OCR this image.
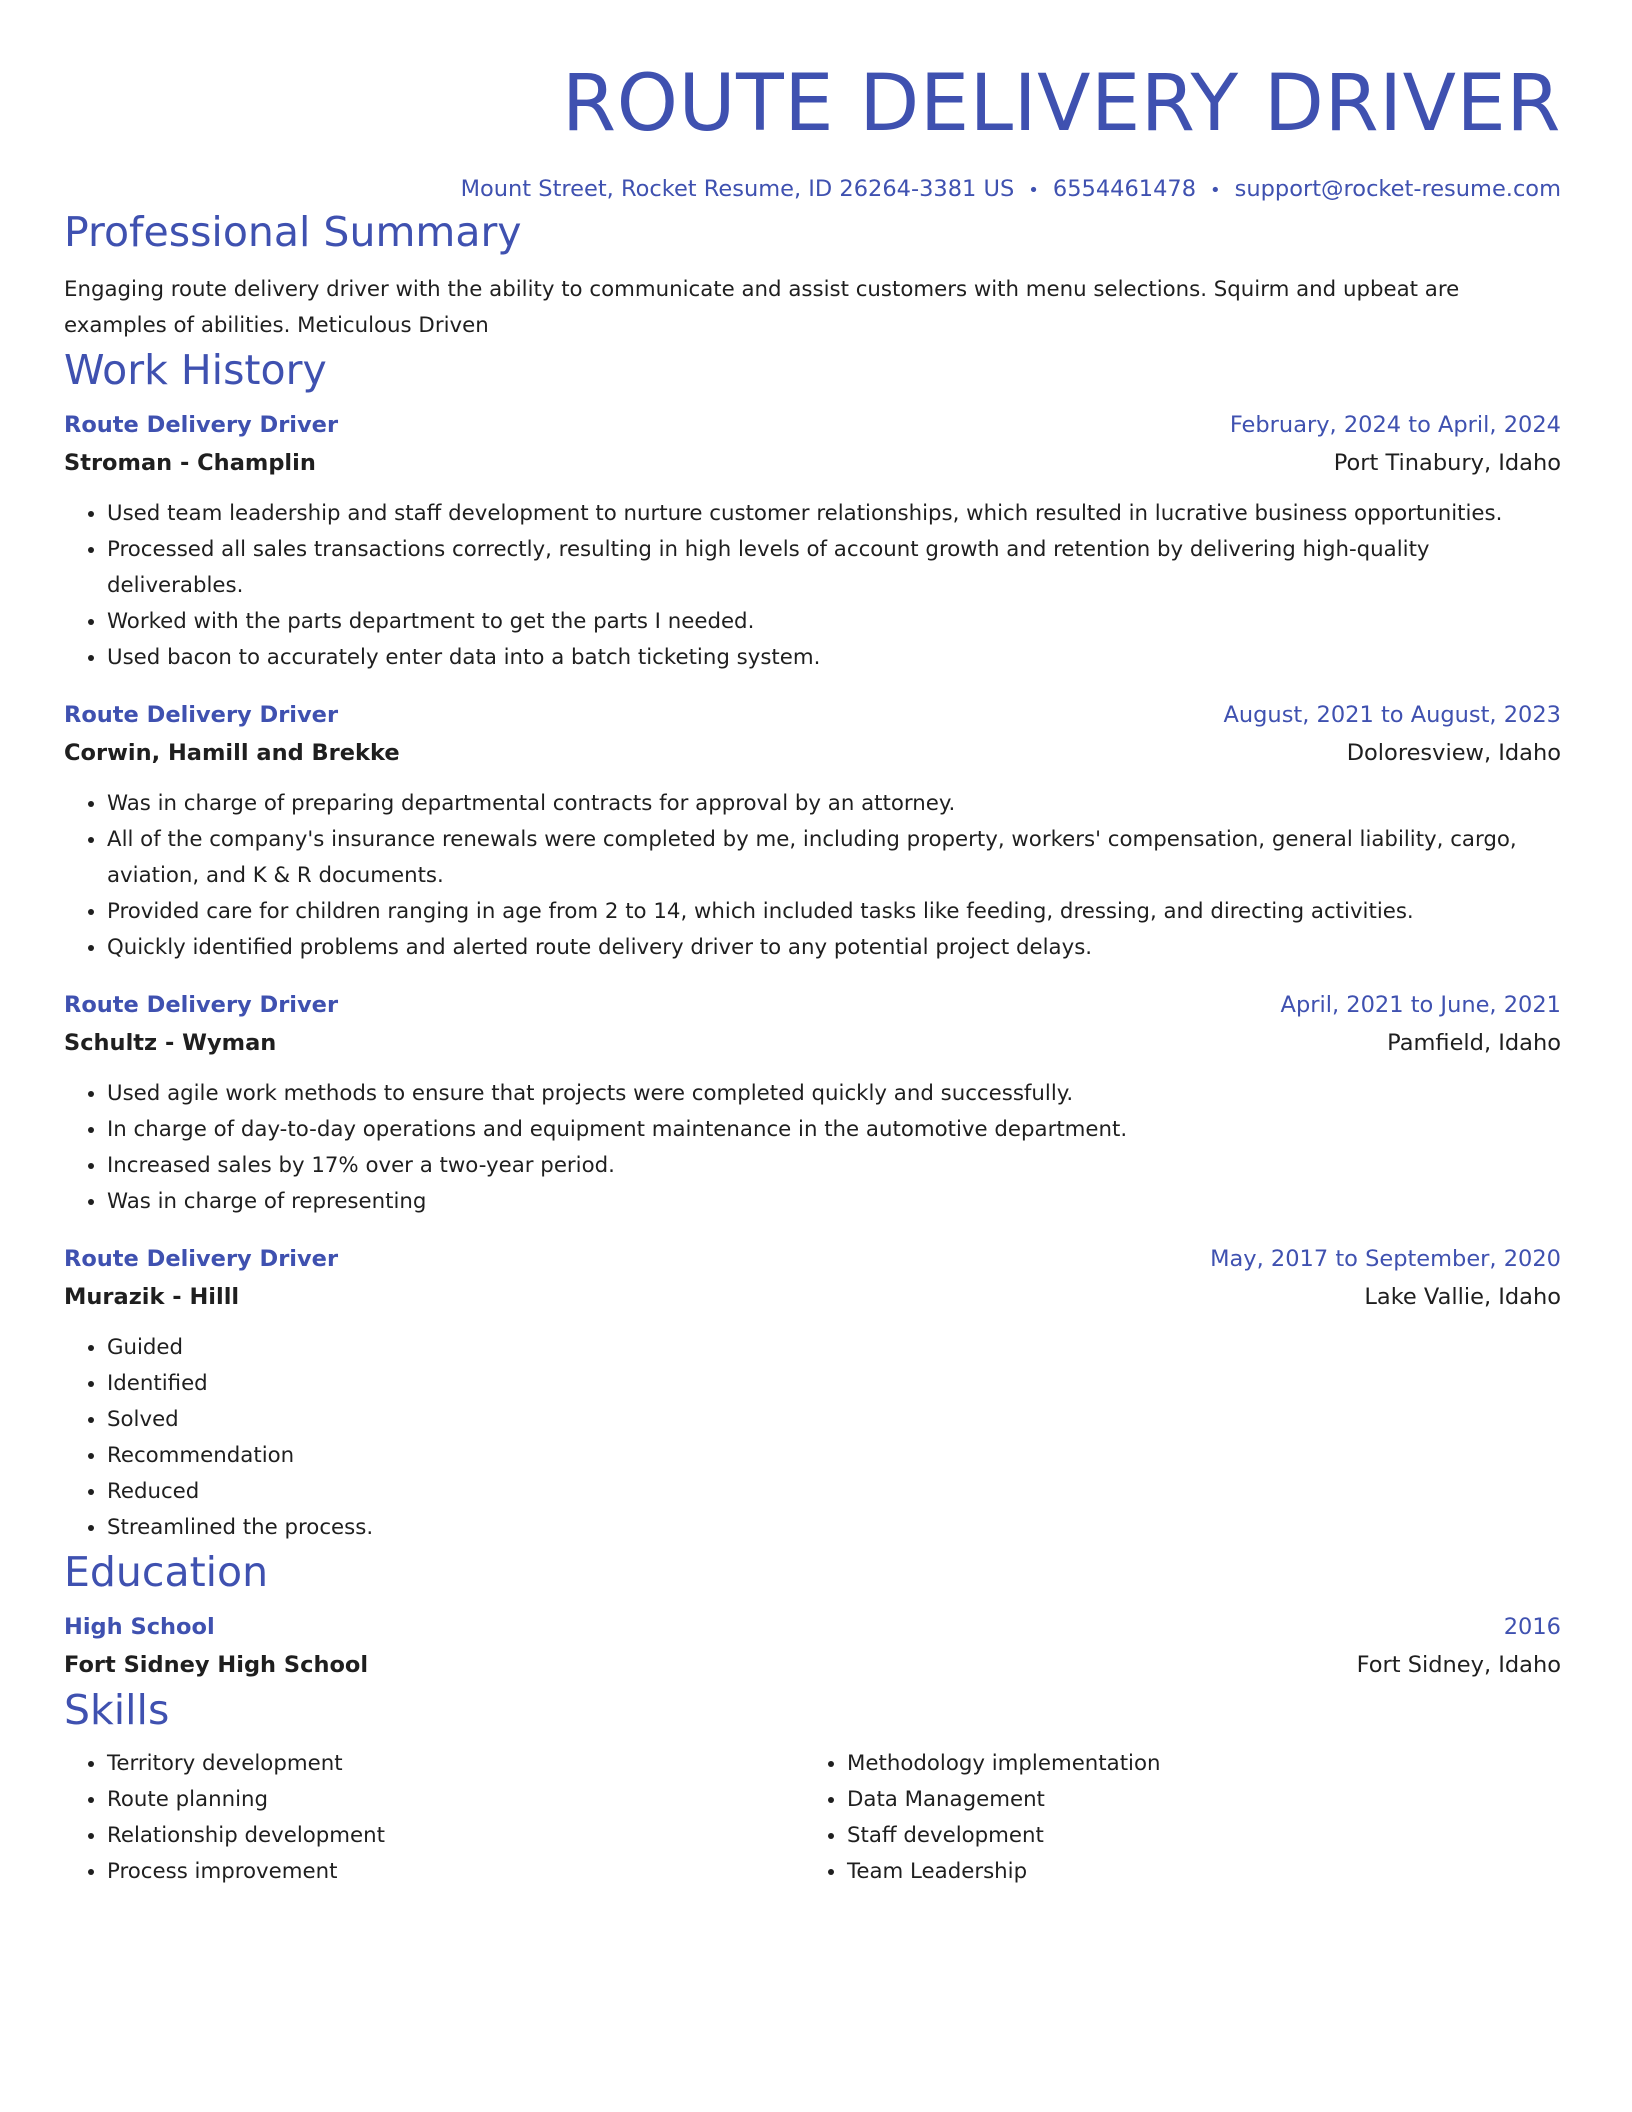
ROUTE DELIVERY DRIVER
Mount Street, Rocket Resume, ID 26264-3381 US • 6554461478 • support@rocket-resume.com
Professional Summary
Engaging route delivery driver with the ability to communicate and assist customers with menu selections. Squirm and upbeat are examples of abilities. Meticulous Driven
Work History
Route Delivery Driver	February, 2024 to April, 2024
Stroman - Champlin	Port Tinabury, Idaho
• Used team leadership and staff development to nurture customer relationships, which resulted in lucrative business opportunities.
• Processed all sales transactions correctly, resulting in high levels of account growth and retention by delivering high-quality deliverables.
• Worked with the parts department to get the parts I needed.
• Used bacon to accurately enter data into a batch ticketing system.
Route Delivery Driver	August, 2021 to August, 2023
Corwin, Hamill and Brekke	Doloresview, Idaho
• Was in charge of preparing departmental contracts for approval by an attorney.
• All of the company's insurance renewals were completed by me, including property, workers' compensation, general liability, cargo, aviation, and K & R documents.
• Provided care for children ranging in age from 2 to 14, which included tasks like feeding, dressing, and directing activities.
• Quickly identified problems and alerted route delivery driver to any potential project delays.
Route Delivery Driver	April, 2021 to June, 2021
Schultz - Wyman	Pamfield, Idaho
• Used agile work methods to ensure that projects were completed quickly and successfully.
• In charge of day-to-day operations and equipment maintenance in the automotive department.
• Increased sales by 17% over a two-year period.
• Was in charge of representing
Route Delivery Driver	May, 2017 to September, 2020
Murazik - Hilll	Lake Vallie, Idaho
• Guided
• Identified
• Solved
• Recommendation
• Reduced
• Streamlined the process.
Education
High School	2016
Fort Sidney High School	Fort Sidney, Idaho
Skills
• Territory development
• Route planning
• Relationship development
• Process improvement
• Methodology implementation
• Data Management
• Staff development
• Team Leadership
